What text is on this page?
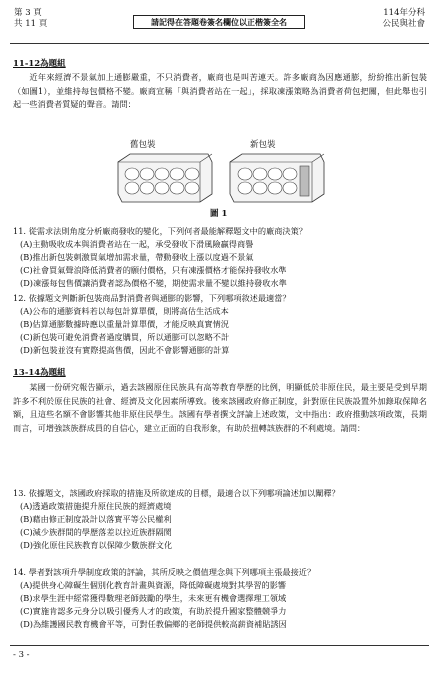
第 3 頁
共 11 頁	請記得在答題卷簽名欄位以正楷簽全名
114年分科
公民與社會
11-12為題組
近年來經濟不景氣加上通膨嚴重，不只消費者，廠商也是叫苦連天。許多廠商為因應通膨，紛紛推出新包裝（如圖1），並維持每包價格不變。廠商宣稱「與消費者站在一起」，採取凍漲策略為消費者荷包把關，但此舉也引起一些消費者質疑的聲音。請問：
舊包裝	新包裝
圖 1
11. 從需求法則角度分析廠商發收的變化，下列何者最能解釋題文中的廠商決策？
(A)主動吸收成本與消費者站在一起，承受發收下滑風險贏得商譽
(B)推出新包裝刺激買氣增加需求量，帶動發收上漲以度過不景氣
(C)社會買氣聲浪降低消費者的願付價格，只有凍漲價格才能保持發收水準
(D)凍漲每包售價讓消費者認為價格不變，期使需求量不變以維持發收水準
12. 依據題文判斷新包裝商品對消費者與通膨的影響，下列哪項敘述最適當？
(A)公布的通膨資料若以每包計算單價，則將高估生活成本
(B)估算通膨數據時應以重量計算單價，才能反映真實情況
(C)新包裝可避免消費者過度購買，所以通膨可以忽略不計
(D)新包裝並沒有實際提高售價，因此不會影響通膨的計算
13-14為題組
某國一份研究報告顯示，過去該國原住民族具有高等教育學歷的比例，明顯低於非原住民，最主要是受到早期許多不利於原住民族的社會、經濟及文化因素所導致。後來該國政府修正制度，針對原住民族設置外加錄取保障名額，且這些名額不會影響其他非原住民學生。該國有學者撰文評論上述政策，文中指出：政府推動該項政策，長期而言，可增強該族群成員的自信心，建立正面的自我形象，有助於扭轉該族群的不利處境。請問：
13. 依據題文，該國政府採取的措施及所欲達成的目標，最適合以下列哪項論述加以闡釋？
(A)透過政策措施提升原住民族的經濟處境
(B)藉由修正制度設計以落實平等公民權利
(C)減少族群間的學歷落差以拉近族群隔閡
(D)強化原住民族教育以保障少數族群文化
14. 學者對該項升學制度政策的評論，其所反映之價值理念與下列哪項主張最接近？
(A)提供身心障礙生個別化教育計畫與資源，降低障礙處境對其學習的影響
(B)求學生涯中經常獲得數理老師鼓勵的學生，未來更有機會選擇理工領域
(C)實施肯認多元身分以吸引優秀人才的政策，有助於提升國家整體競爭力
(D)為維護國民教育機會平等，可對任教偏鄉的老師提供較高薪資補貼誘因
- 3 -
